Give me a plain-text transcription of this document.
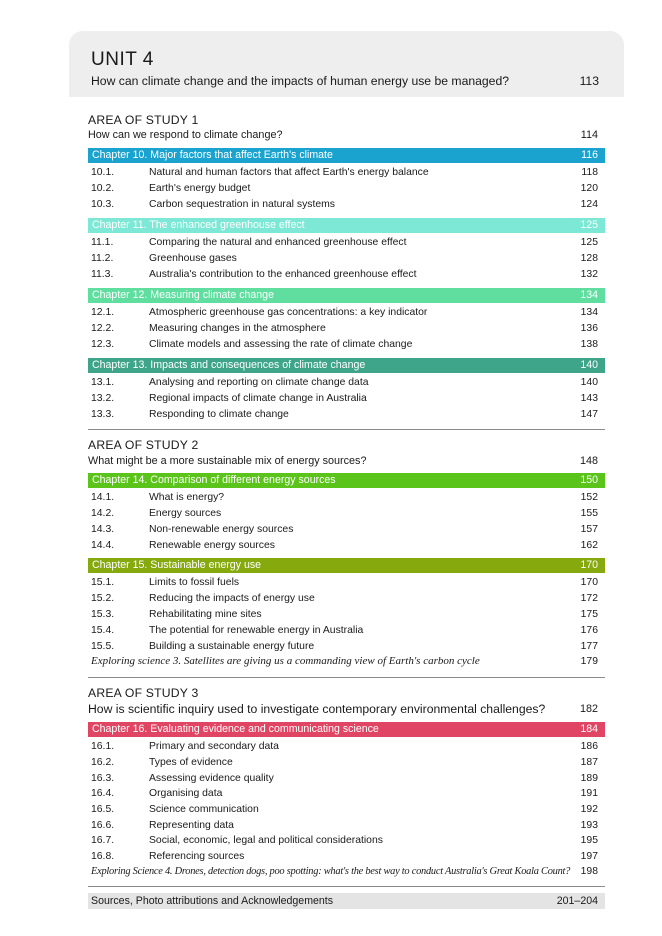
UNIT 4
How can climate change and the impacts of human energy use be managed?	113
AREA OF STUDY 1
How can we respond to climate change?	114
Chapter 10. Major factors that affect Earth's climate	116
10.1.	Natural and human factors that affect Earth's energy balance	118
10.2.	Earth's energy budget	120
10.3.	Carbon sequestration in natural systems	124
Chapter 11. The enhanced greenhouse effect	125
11.1.	Comparing the natural and enhanced greenhouse effect	125
11.2.	Greenhouse gases	128
11.3.	Australia's contribution to the enhanced greenhouse effect	132
Chapter 12. Measuring climate change	134
12.1.	Atmospheric greenhouse gas concentrations: a key indicator	134
12.2.	Measuring changes in the atmosphere	136
12.3.	Climate models and assessing the rate of climate change	138
Chapter 13. Impacts and consequences of climate change	140
13.1.	Analysing and reporting on climate change data	140
13.2.	Regional impacts of climate change in Australia	143
13.3.	Responding to climate change	147
AREA OF STUDY 2
What might be a more sustainable mix of energy sources?	148
Chapter 14. Comparison of different energy sources	150
14.1.	What is energy?	152
14.2.	Energy sources	155
14.3.	Non-renewable energy sources	157
14.4.	Renewable energy sources	162
Chapter 15. Sustainable energy use	170
15.1.	Limits to fossil fuels	170
15.2.	Reducing the impacts of energy use	172
15.3.	Rehabilitating mine sites	175
15.4.	The potential for renewable energy in Australia	176
15.5.	Building a sustainable energy future	177
Exploring science 3. Satellites are giving us a commanding view of Earth's carbon cycle	179
AREA OF STUDY 3
How is scientific inquiry used to investigate contemporary environmental challenges?	182
Chapter 16. Evaluating evidence and communicating science	184
16.1.	Primary and secondary data	186
16.2.	Types of evidence	187
16.3.	Assessing evidence quality	189
16.4.	Organising data	191
16.5.	Science communication	192
16.6.	Representing data	193
16.7.	Social, economic, legal and political considerations	195
16.8.	Referencing sources	197
Exploring Science 4. Drones, detection dogs, poo spotting: what's the best way to conduct Australia's Great Koala Count? 198
Sources, Photo attributions and Acknowledgements	201–204
